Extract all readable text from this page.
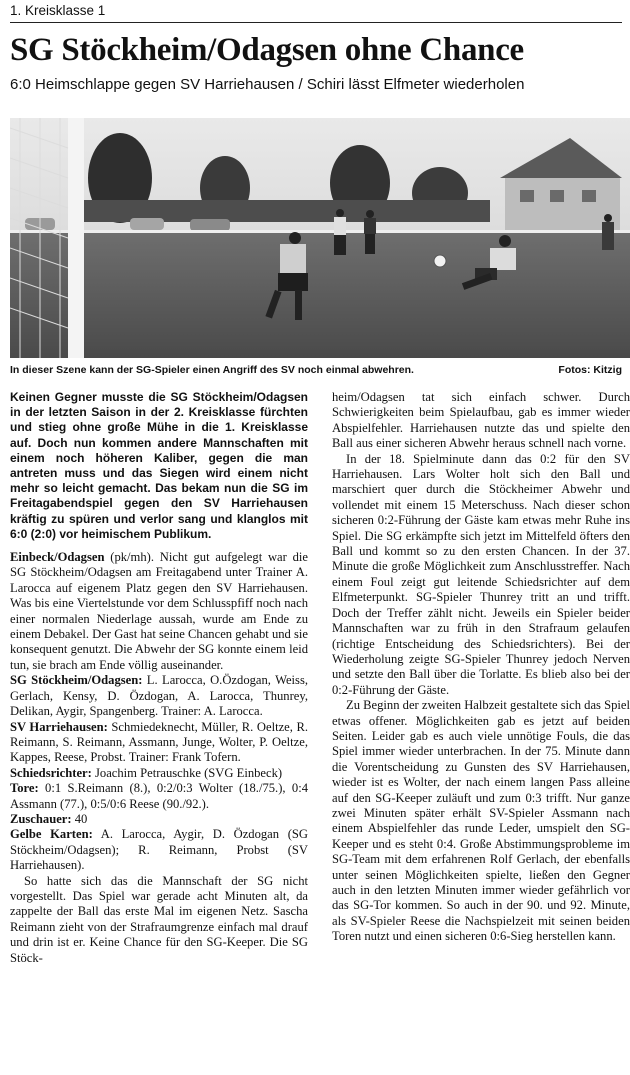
1. Kreisklasse 1
SG Stöckheim/Odagsen ohne Chance
6:0 Heimschlappe gegen SV Harriehausen / Schiri lässt Elfmeter wiederholen
In dieser Szene kann der SG-Spieler einen Angriff des SV noch einmal abwehren.	Fotos: Kitzig

Keinen Gegner musste die SG Stöckheim/Odagsen in der letzten Saison in der 2. Kreisklasse fürchten und stieg ohne große Mühe in die 1. Kreisklasse auf. Doch nun kommen andere Mannschaften mit einem noch höheren Kaliber, gegen die man antreten muss und das Siegen wird einem nicht mehr so leicht gemacht. Das bekam nun die SG im Freitagabendspiel gegen den SV Harriehausen kräftig zu spüren und verlor sang und klanglos mit 6:0 (2:0) vor heimischem Publikum.

Einbeck/Odagsen (pk/mh). Nicht gut aufgelegt war die SG Stöckheim/Odagsen am Freitagabend unter Trainer A. Larocca auf eigenem Platz gegen den SV Harriehausen. Was bis eine Viertelstunde vor dem Schlusspfiff noch nach einer normalen Niederlage aussah, wurde am Ende zu einem Debakel. Der Gast hat seine Chancen gehabt und sie konsequent genutzt. Die Abwehr der SG konnte einem leid tun, sie brach am Ende völlig auseinander.

SG Stöckheim/Odagsen: L. Larocca, O.Özdogan, Weiss, Gerlach, Kensy, D. Özdogan, A. Larocca, Thunrey, Delikan, Aygir, Spangenberg. Trainer: A. Larocca.

SV Harriehausen: Schmiedeknecht, Müller, R. Oeltze, R. Reimann, S. Reimann, Assmann, Junge, Wolter, P. Oeltze, Kappes, Reese, Probst. Trainer: Frank Tofern.

Schiedsrichter: Joachim Petrauschke (SVG Einbeck)

Tore: 0:1 S.Reimann (8.), 0:2/0:3 Wolter (18./75.), 0:4 Assmann (77.), 0:5/0:6 Reese (90./92.).

Zuschauer: 40

Gelbe Karten: A. Larocca, Aygir, D. Özdogan (SG Stöckheim/Odagsen); R. Reimann, Probst (SV Harriehausen).

So hatte sich das die Mannschaft der SG nicht vorgestellt. Das Spiel war gerade acht Minuten alt, da zappelte der Ball das erste Mal im eigenen Netz. Sascha Reimann zieht von der Strafraumgrenze einfach mal drauf und drin ist er. Keine Chance für den SG-Keeper. Die SG Stöck-

heim/Odagsen tat sich einfach schwer. Durch Schwierigkeiten beim Spielaufbau, gab es immer wieder Abspielfehler. Harriehausen nutzte das und spielte den Ball aus einer sicheren Abwehr heraus schnell nach vorne.

In der 18. Spielminute dann das 0:2 für den SV Harriehausen. Lars Wolter holt sich den Ball und marschiert quer durch die Stöckheimer Abwehr und vollendet mit einem 15 Meterschuss. Nach dieser schon sicheren 0:2-Führung der Gäste kam etwas mehr Ruhe ins Spiel. Die SG erkämpfte sich jetzt im Mittelfeld öfters den Ball und kommt so zu den ersten Chancen. In der 37. Minute die große Möglichkeit zum Anschlusstreffer. Nach einem Foul zeigt gut leitende Schiedsrichter auf dem Elfmeterpunkt. SG-Spieler Thunrey tritt an und trifft. Doch der Treffer zählt nicht. Jeweils ein Spieler beider Mannschaften war zu früh in den Strafraum gelaufen (richtige Entscheidung des Schiedsrichters). Bei der Wiederholung zeigte SG-Spieler Thunrey jedoch Nerven und setzte den Ball über die Torlatte. Es blieb also bei der 0:2-Führung der Gäste.

Zu Beginn der zweiten Halbzeit gestaltete sich das Spiel etwas offener. Möglichkeiten gab es jetzt auf beiden Seiten. Leider gab es auch viele unnötige Fouls, die das Spiel immer wieder unterbrachen. In der 75. Minute dann die Vorentscheidung zu Gunsten des SV Harriehausen, wieder ist es Wolter, der nach einem langen Pass alleine auf den SG-Keeper zuläuft und zum 0:3 trifft. Nur ganze zwei Minuten später erhält SV-Spieler Assmann nach einem Abspielfehler das runde Leder, umspielt den SG-Keeper und es steht 0:4. Große Abstimmungsprobleme im SG-Team mit dem erfahrenen Rolf Gerlach, der ebenfalls unter seinen Möglichkeiten spielte, ließen den Gegner auch in den letzten Minuten immer wieder gefährlich vor das SG-Tor kommen. So auch in der 90. und 92. Minute, als SV-Spieler Reese die Nachspielzeit mit seinen beiden Toren nutzt und einen sicheren 0:6-Sieg herstellen kann.
